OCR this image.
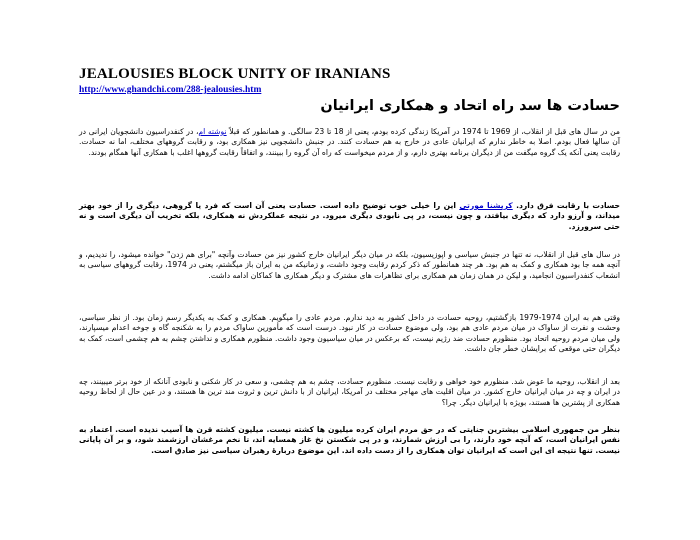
JEALOUSIES BLOCK UNITY OF IRANIANS
http://www.ghandchi.com/288-jealousies.htm
حسادت ها سد راه اتحاد و همکاری ایرانیان

من در سال های قبل از انقلاب، از 1969 تا 1974 در آمریکا زندگی کرده بودم، یعنی از 18 تا 23 سالگی. و همانطور که قبلاً نوشته ام، در کنفدراسیون دانشجویان ایرانی در آن سالها فعال بودم. اصلا به خاطر ندارم که ایرانیان عادی در خارج به هم حسادت کنند. در جنبش دانشجویی نیز همکاری بود، و رقابت گروههای مختلف، اما نه حسادت. رقابت یعنی آنکه یک گروه میگفت من از دیگران برنامه بهتری دارم، و از مردم میخواست که راه آن گروه را ببینند، و اتفاقاً رقابت گروهها اغلب با همکاری آنها همگام بودند.

حسادت با رقابت فرق دارد. کریشنا مورتی این را خیلی خوب توضیح داده است. حسادت یعنی آن است که فرد یا گروهی، دیگری را از خود بهتر میداند، و آرزو دارد که دیگری بیافتد، و چون نیست، در پی نابودی دیگری میرود. در نتیجه عملکردش نه همکاری، بلکه تخریب آن دیگری است و نه حتی سرورزد.

در سال های قبل از انقلاب، نه تنها در جنبش سیاسی و اپوزیسیون، بلکه در میان دیگر ایرانیان خارج کشور نیز من حسادت وآنچه "برای هم زدن" خوانده میشود، را ندیدیم، و آنچه همه جا بود همکاری و کمک به هم بود. هر چند همانطور که ذکر کردم رقابت وجود داشت، و زمانیکه من به ایران باز میگشتم، یعنی در 1974، رقابت گروههای سیاسی به انشعاب کنفدراسیون انجامید، و لیکن در همان زمان هم همکاری برای تظاهرات های مشترک و دیگر همکاری ها کماکان ادامه داشت.

وقتی هم به ایران 1974-1979 بازگشتیم، روحیه حسادت در داخل کشور به دید ندارم. مردم عادی را میگویم. همکاری و کمک به یکدیگر رسم زمان بود. از نظر سیاسی، وحشت و نفرت از ساواک در میان مردم عادی هم بود، ولی موضوع حسادت در کار نبود. درست است که مأمورین ساواک مردم را به شکنجه گاه و جوخه اعدام میسپارند، ولی میان مردم روحیه اتحاد بود. منظورم حسادت ضد رژیم نیست، که برعکس در میان سیاسیون وجود داشت. منظورم همکاری و نداشتن چشم به هم چشمی است، کمک به دیگران حتی موقعی که برایشان خطر جان داشت.

بعد از انقلاب، روحیه ما عوض شد. منظورم خود خواهی و رقابت نیست. منظورم حسادت، چشم به هم چشمی، و سعی در کار شکنی و نابودی آنانکه از خود برتر میبینند، چه در ایران و چه در میان ایرانیان خارج کشور. در میان اقلیت های مهاجر مختلف در آمریکا، ایرانیان از با دانش ترین و ثروت مند ترین ها هستند، و در عین حال از لحاظ روحیه همکاری از پشترین ها هستند، بویژه با ایرانیان دیگر. چرا؟

بنظر من جمهوری اسلامی بیشترین جنایتی که در حق مردم ایران کرده میلیون ها کشته نیست. میلیون کشته قرن ها آسیب ندیده است. اعتماد به نفس ایرانیان است، که آنچه خود دارند، را بی ارزش شمارند، و در پی شکستن نخ غاز همسایه اند، تا نخم مرغشان ارزشمند شود، و بر آن پایانی نیست. تنها نتیجه ای این است که ایرانیان توان همکاری را از دست داده اند. این موضوع دربارهٔ رهبران سیاسی نیز صادق است.
